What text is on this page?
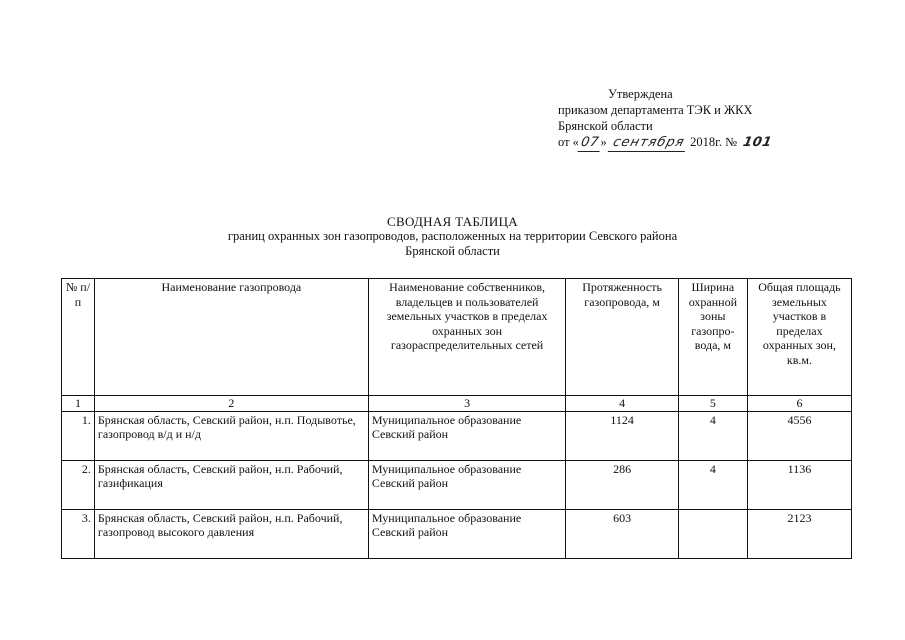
Утверждена
приказом департамента ТЭК и ЖКХ
Брянской области
от «07» сентября 2018г. № 101
СВОДНАЯ ТАБЛИЦА
границ охранных зон газопроводов, расположенных на территории Севского района
Брянской области
№ п/п	Наименование газопровода	Наименование собственников, владельцев и пользователей земельных участков в пределах охранных зон газораспределительных сетей	Протяженность газопровода, м	Ширина охранной зоны газопро-вода, м	Общая площадь земельных участков в пределах охранных зон, кв.м.
1	2	3	4	5	6
1.	Брянская область, Севский район, н.п. Подывотье, газопровод в/д и н/д	Муниципальное образование Севский район	1124	4	4556
2.	Брянская область, Севский район, н.п. Рабочий, газификация	Муниципальное образование Севский район	286	4	1136
3.	Брянская область, Севский район, н.п. Рабочий, газопровод высокого давления	Муниципальное образование Севский район	603		2123
